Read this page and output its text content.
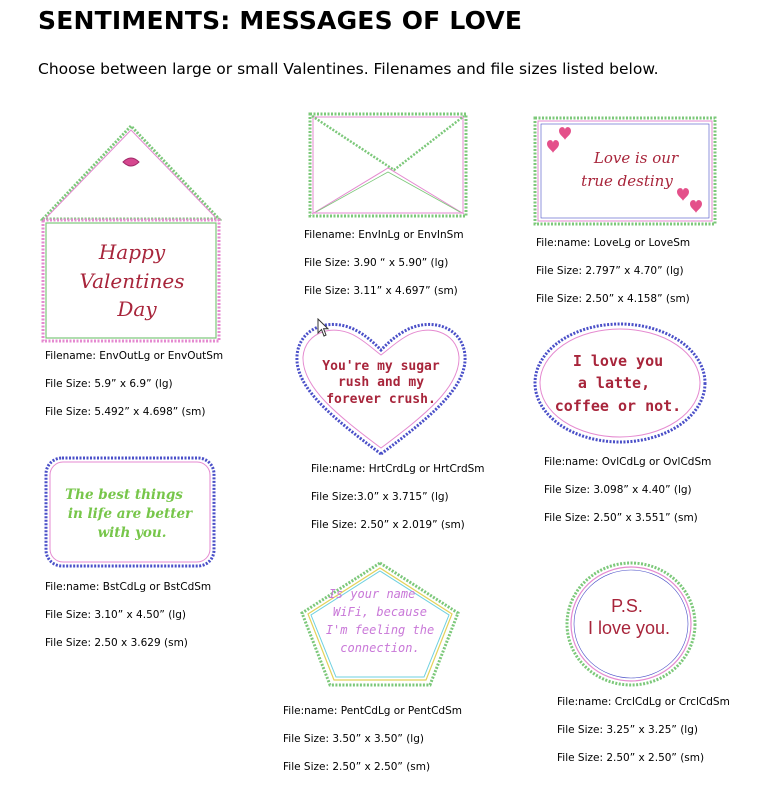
SENTIMENTS: MESSAGES OF LOVE
Choose between large or small Valentines. Filenames and file sizes listed below.
Happy
Valentines
Day
Filename: EnvOutLg or EnvOutSm
File Size: 5.9” x 6.9” (lg)
File Size: 5.492” x 4.698” (sm)
Filename: EnvInLg or EnvInSm
File Size: 3.90 “ x 5.90” (lg)
File Size: 3.11” x 4.697” (sm)
Love is our
true destiny
File:name: LoveLg or LoveSm
File Size: 2.797” x 4.70” (lg)
File Size: 2.50” x 4.158” (sm)
You're my sugar
rush and my
forever crush.
File:name: HrtCrdLg or HrtCrdSm
File Size:3.0” x 3.715” (lg)
File Size: 2.50” x 2.019” (sm)
I love you
a latte,
coffee or not.
File:name: OvlCdLg or OvlCdSm
File Size: 3.098” x 4.40” (lg)
File Size: 2.50” x 3.551” (sm)
The best things
in life are better
with you.
File:name: BstCdLg or BstCdSm
File Size: 3.10” x 4.50” (lg)
File Size: 2.50 x 3.629 (sm)
Is your name
WiFi, because
I'm feeling the
connection.
File:name: PentCdLg or PentCdSm
File Size: 3.50” x 3.50” (lg)
File Size: 2.50” x 2.50” (sm)
P.S.
I love you.
File:name: CrclCdLg or CrclCdSm
File Size: 3.25” x 3.25” (lg)
File Size: 2.50” x 2.50” (sm)
